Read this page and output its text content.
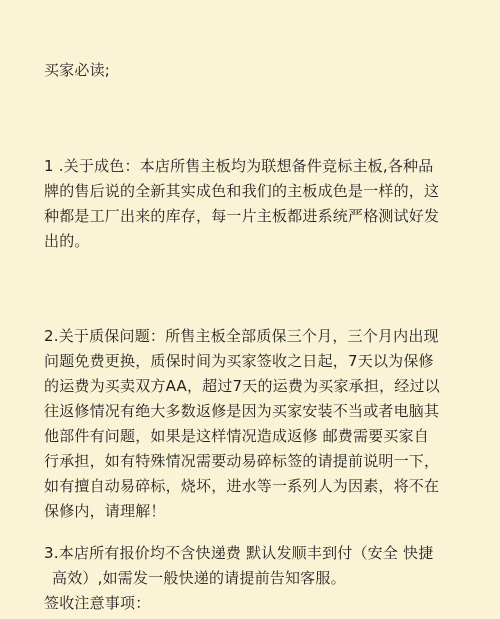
买家必读;
1 .关于成色：本店所售主板均为联想备件竞标主板,各种品
牌的售后说的全新其实成色和我们的主板成色是一样的，这
种都是工厂出来的库存，每一片主板都进系统严格测试好发
出的。
2.关于质保问题：所售主板全部质保三个月，三个月内出现
问题免费更换，质保时间为买家签收之日起，7天以为保修
的运费为买卖双方AA，超过7天的运费为买家承担，经过以
往返修情况有绝大多数返修是因为买家安装不当或者电脑其
他部件有问题，如果是这样情况造成返修 邮费需要买家自
行承担，如有特殊情况需要动易碎标签的请提前说明一下，
如有擅自动易碎标，烧坏，进水等一系列人为因素，将不在
保修内，请理解！
3.本店所有报价均不含快递费 默认发顺丰到付（安全 快捷
高效）,如需发一般快递的请提前告知客服。
签收注意事项：
